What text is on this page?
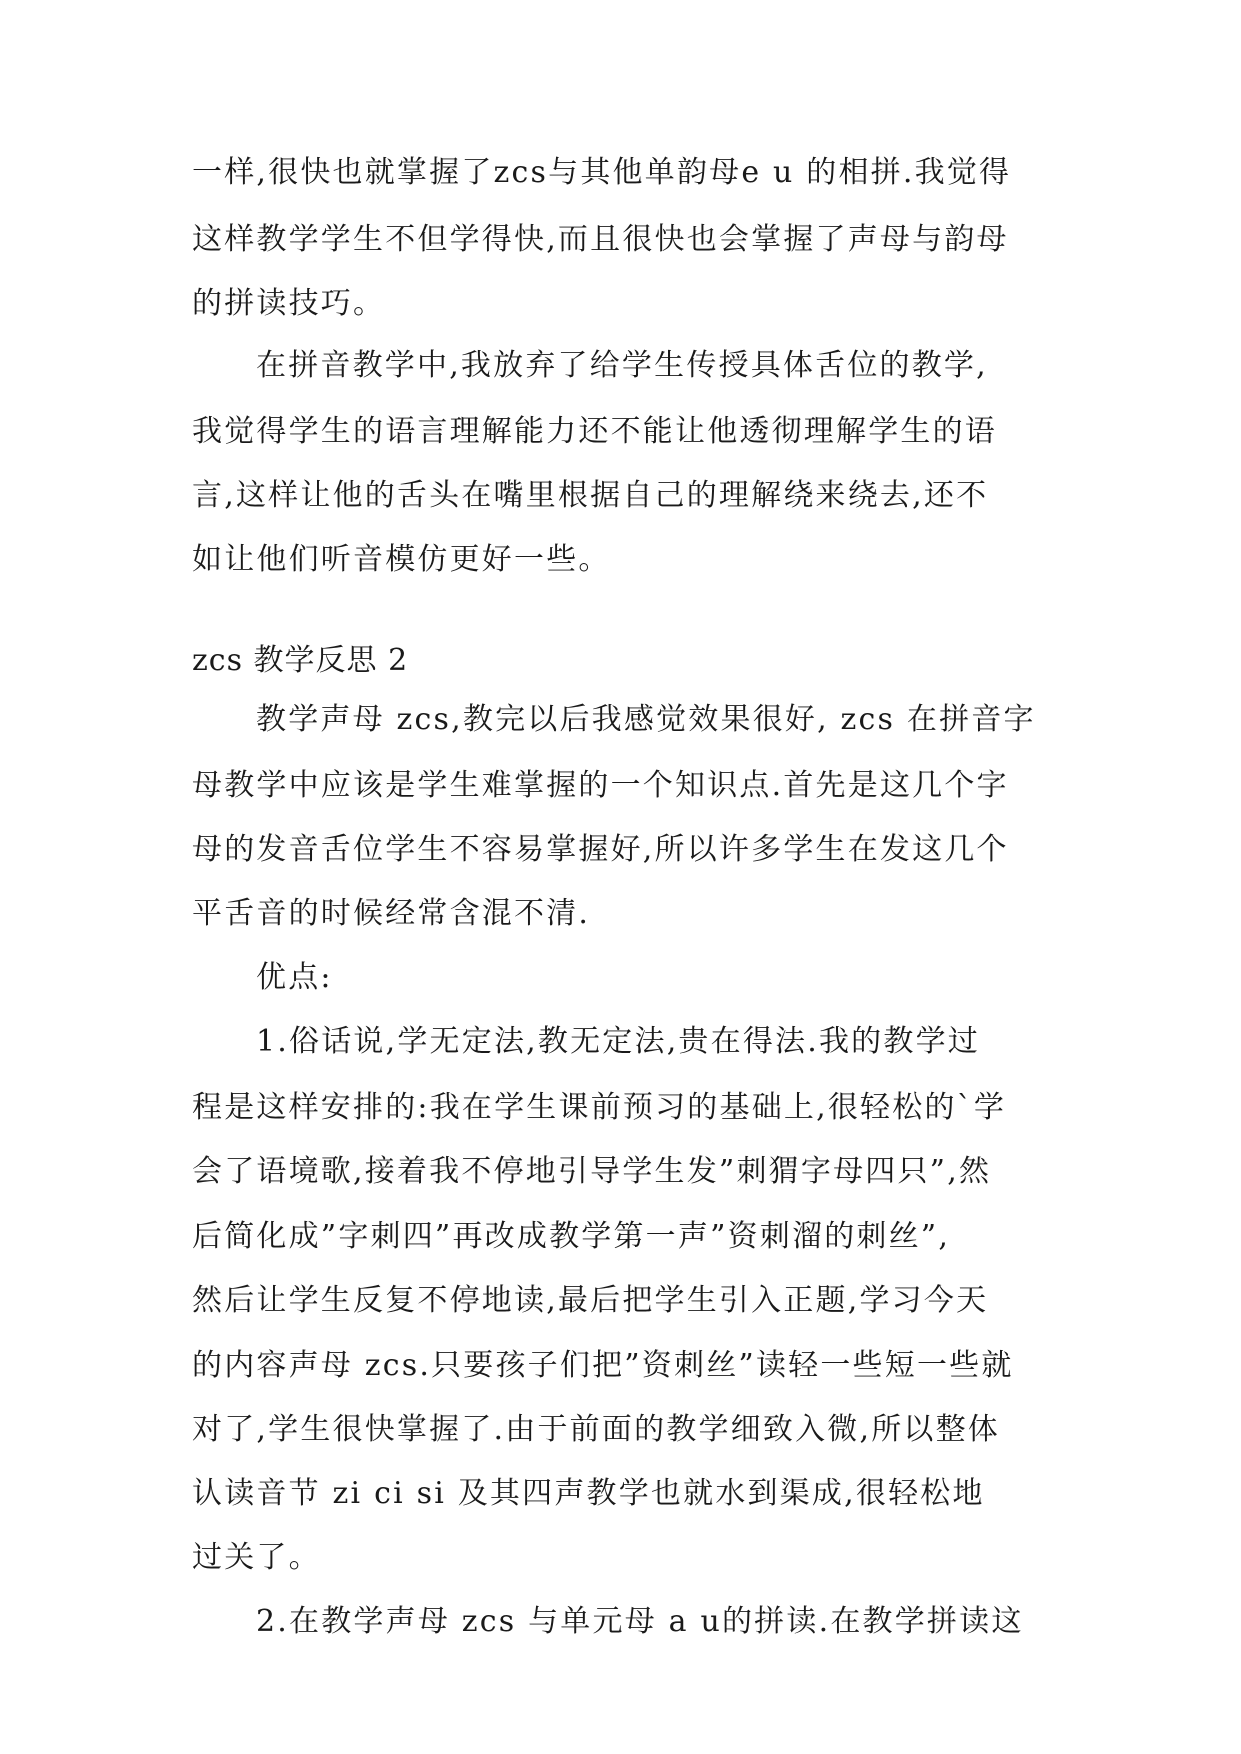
一样,很快也就掌握了zcs与其他单韵母e u 的相拼.我觉得
这样教学学生不但学得快,而且很快也会掌握了声母与韵母
的拼读技巧。
在拼音教学中,我放弃了给学生传授具体舌位的教学,
我觉得学生的语言理解能力还不能让他透彻理解学生的语
言,这样让他的舌头在嘴里根据自己的理解绕来绕去,还不
如让他们听音模仿更好一些。
zcs 教学反思 2
教学声母 zcs,教完以后我感觉效果很好, zcs 在拼音字
母教学中应该是学生难掌握的一个知识点.首先是这几个字
母的发音舌位学生不容易掌握好,所以许多学生在发这几个
平舌音的时候经常含混不清.
优点:
1.俗话说,学无定法,教无定法,贵在得法.我的教学过
程是这样安排的:我在学生课前预习的基础上,很轻松的`学
会了语境歌,接着我不停地引导学生发”刺猬字母四只”,然
后简化成”字刺四”再改成教学第一声”资刺溜的刺丝”,
然后让学生反复不停地读,最后把学生引入正题,学习今天
的内容声母 zcs.只要孩子们把”资刺丝”读轻一些短一些就
对了,学生很快掌握了.由于前面的教学细致入微,所以整体
认读音节 zi ci si 及其四声教学也就水到渠成,很轻松地
过关了。
2.在教学声母 zcs 与单元母 a u的拼读.在教学拼读这
